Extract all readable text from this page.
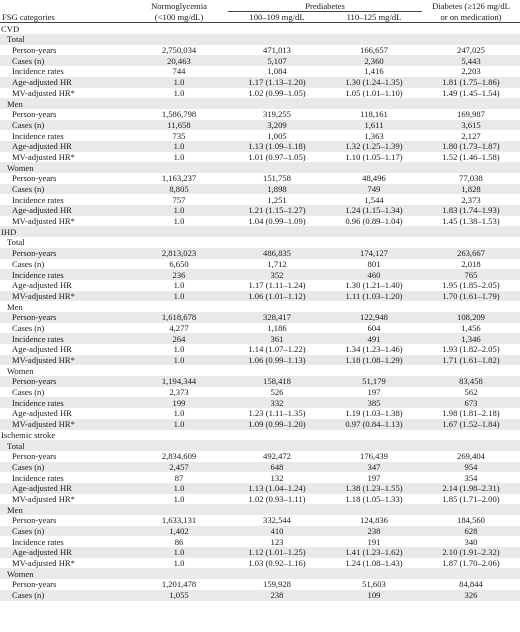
	Normoglycemia	Prediabetes		Diabetes (≥126 mg/dL
FSG categories	(<100 mg/dL)	100–109 mg/dL	110–125 mg/dL	or on medication)
CVD				
Total				
Person-years	2,750,034	471,013	166,657	247,025
Cases (n)	20,463	5,107	2,360	5,443
Incidence rates	744	1,084	1,416	2,203
Age-adjusted HR	1.0	1.17 (1.13–1.20)	1.30 (1.24–1.35)	1.81 (1.75–1.86)
MV-adjusted HR*	1.0	1.02 (0.99–1.05)	1.05 (1.01–1.10)	1.49 (1.45–1.54)
Men				
Person-years	1,586,798	319,255	118,161	169,987
Cases (n)	11,658	3,209	1,611	3,615
Incidence rates	735	1,005	1,363	2,127
Age-adjusted HR	1.0	1.13 (1.09–1.18)	1.32 (1.25–1.39)	1.80 (1.73–1.87)
MV-adjusted HR*	1.0	1.01 (0.97–1.05)	1.10 (1.05–1.17)	1.52 (1.46–1.58)
Women				
Person-years	1,163,237	151,758	48,496	77,038
Cases (n)	8,805	1,898	749	1,828
Incidence rates	757	1,251	1,544	2,373
Age-adjusted HR	1.0	1.21 (1.15–1.27)	1.24 (1.15–1.34)	1.83 (1.74–1.93)
MV-adjusted HR*	1.0	1.04 (0.99–1.09)	0.96 (0.89–1.04)	1.45 (1.38–1.53)
IHD				
Total				
Person-years	2,813,023	486,835	174,127	263,667
Cases (n)	6,650	1,712	801	2,018
Incidence rates	236	352	460	765
Age-adjusted HR	1.0	1.17 (1.11–1.24)	1.30 (1.21–1.40)	1.95 (1.85–2.05)
MV-adjusted HR*	1.0	1.06 (1.01–1.12)	1.11 (1.03–1.20)	1.70 (1.61–1.79)
Men				
Person-years	1,618,678	328,417	122,948	108,209
Cases (n)	4,277	1,186	604	1,456
Incidence rates	264	361	491	1,346
Age-adjusted HR	1.0	1.14 (1.07–1.22)	1.34 (1.23–1.46)	1.93 (1.82–2.05)
MV-adjusted HR*	1.0	1.06 (0.99–1.13)	1.18 (1.08–1.29)	1.71 (1.61–1.82)
Women				
Person-years	1,194,344	158,418	51,179	83,458
Cases (n)	2,373	526	197	562
Incidence rates	199	332	385	673
Age-adjusted HR	1.0	1.23 (1.11–1.35)	1.19 (1.03–1.38)	1.98 (1.81–2.18)
MV-adjusted HR*	1.0	1.09 (0.99–1.20)	0.97 (0.84–1.13)	1.67 (1.52–1.84)
Ischemic stroke				
Total				
Person-years	2,834,609	492,472	176,439	269,404
Cases (n)	2,457	648	347	954
Incidence rates	87	132	197	354
Age-adjusted HR	1.0	1.13 (1.04–1.24)	1.38 (1.23–1.55)	2.14 (1.98–2.31)
MV-adjusted HR*	1.0	1.02 (0.93–1.11)	1.18 (1.05–1.33)	1.85 (1.71–2.00)
Men				
Person-years	1,633,131	332,544	124,836	184,560
Cases (n)	1,402	410	238	628
Incidence rates	86	123	191	340
Age-adjusted HR	1.0	1.12 (1.01–1.25)	1.41 (1.23–1.62)	2.10 (1.91–2.32)
MV-adjusted HR*	1.0	1.03 (0.92–1.16)	1.24 (1.08–1.43)	1.87 (1.70–2.06)
Women				
Person-years	1,201,478	159,928	51,603	84,844
Cases (n)	1,055	238	109	326
